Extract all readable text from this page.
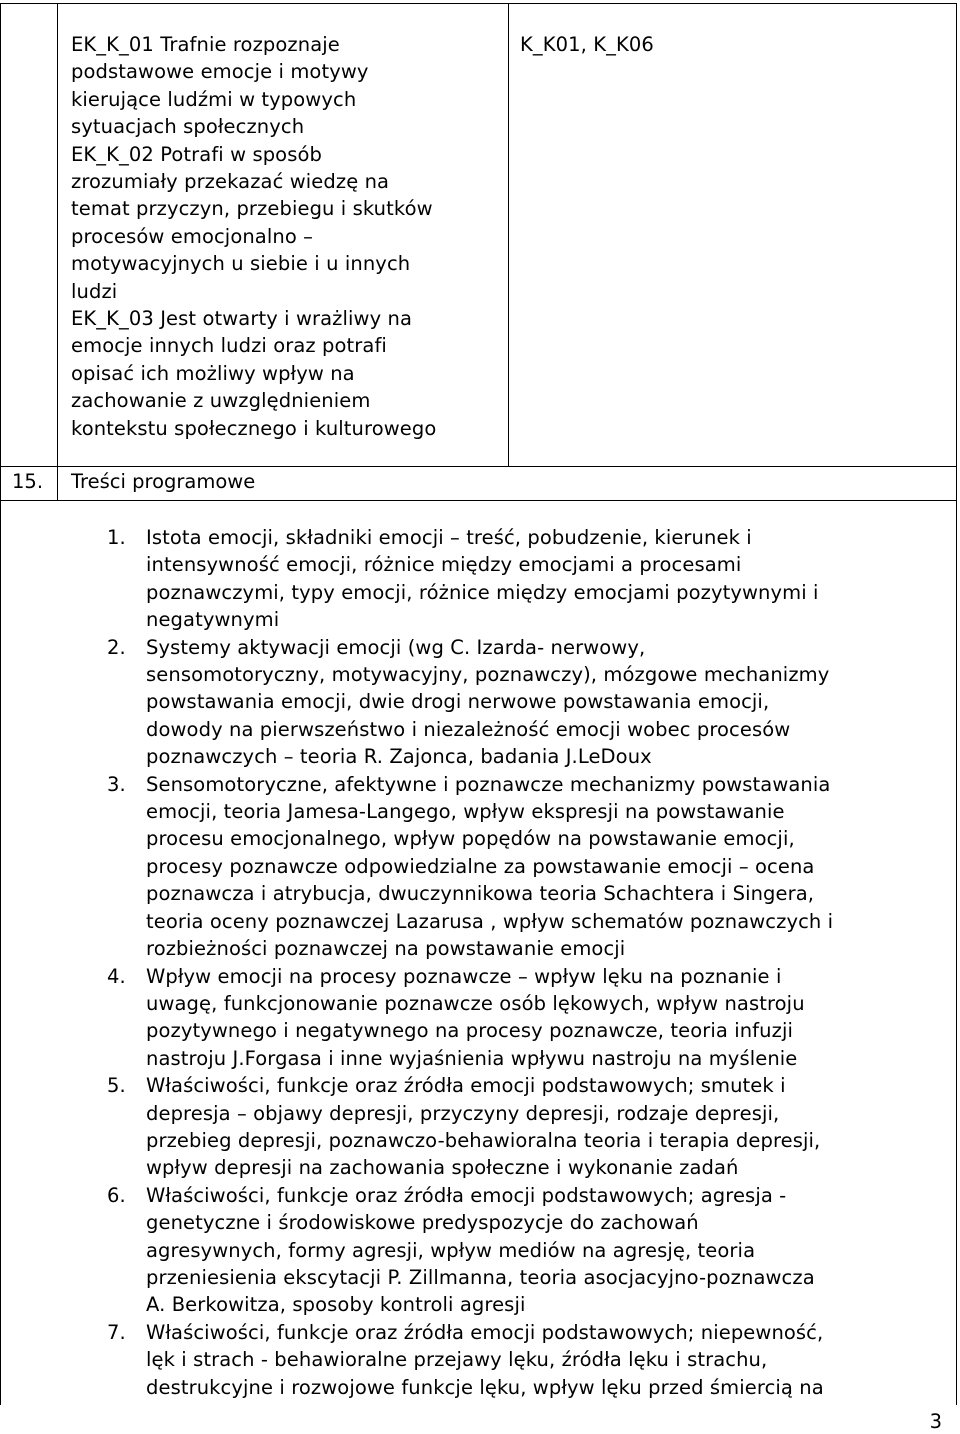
EK_K_01 Trafnie rozpoznaje
podstawowe emocje i motywy
kierujące ludźmi w typowych
sytuacjach społecznych
EK_K_02 Potrafi w sposób
zrozumiały przekazać wiedzę na
temat przyczyn, przebiegu i skutków
procesów emocjonalno –
motywacyjnych u siebie i u innych
ludzi
EK_K_03 Jest otwarty i wrażliwy na
emocje innych ludzi oraz potrafi
opisać ich możliwy wpływ na
zachowanie z uwzględnieniem
kontekstu społecznego i kulturowego
K_K01, K_K06
15. Treści programowe
1. Istota emocji, składniki emocji – treść, pobudzenie, kierunek i
intensywność emocji, różnice między emocjami a procesami
poznawczymi, typy emocji, różnice między emocjami pozytywnymi i
negatywnymi
2. Systemy aktywacji emocji (wg C. Izarda- nerwowy,
sensomotoryczny, motywacyjny, poznawczy), mózgowe mechanizmy
powstawania emocji, dwie drogi nerwowe powstawania emocji,
dowody na pierwszeństwo i niezależność emocji wobec procesów
poznawczych – teoria R. Zajonca, badania J.LeDoux
3. Sensomotoryczne, afektywne i poznawcze mechanizmy powstawania
emocji, teoria Jamesa-Langego, wpływ ekspresji na powstawanie
procesu emocjonalnego, wpływ popędów na powstawanie emocji,
procesy poznawcze odpowiedzialne za powstawanie emocji – ocena
poznawcza i atrybucja, dwuczynnikowa teoria Schachtera i Singera,
teoria oceny poznawczej Lazarusa , wpływ schematów poznawczych i
rozbieżności poznawczej na powstawanie emocji
4. Wpływ emocji na procesy poznawcze – wpływ lęku na poznanie i
uwagę, funkcjonowanie poznawcze osób lękowych, wpływ nastroju
pozytywnego i negatywnego na procesy poznawcze, teoria infuzji
nastroju J.Forgasa i inne wyjaśnienia wpływu nastroju na myślenie
5. Właściwości, funkcje oraz źródła emocji podstawowych; smutek i
depresja – objawy depresji, przyczyny depresji, rodzaje depresji,
przebieg depresji, poznawczo-behawioralna teoria i terapia depresji,
wpływ depresji na zachowania społeczne i wykonanie zadań
6. Właściwości, funkcje oraz źródła emocji podstawowych; agresja -
genetyczne i środowiskowe predyspozycje do zachowań
agresywnych, formy agresji, wpływ mediów na agresję, teoria
przeniesienia ekscytacji P. Zillmanna, teoria asocjacyjno-poznawcza
A. Berkowitza, sposoby kontroli agresji
7. Właściwości, funkcje oraz źródła emocji podstawowych; niepewność,
lęk i strach - behawioralne przejawy lęku, źródła lęku i strachu,
destrukcyjne i rozwojowe funkcje lęku, wpływ lęku przed śmiercią na
3
